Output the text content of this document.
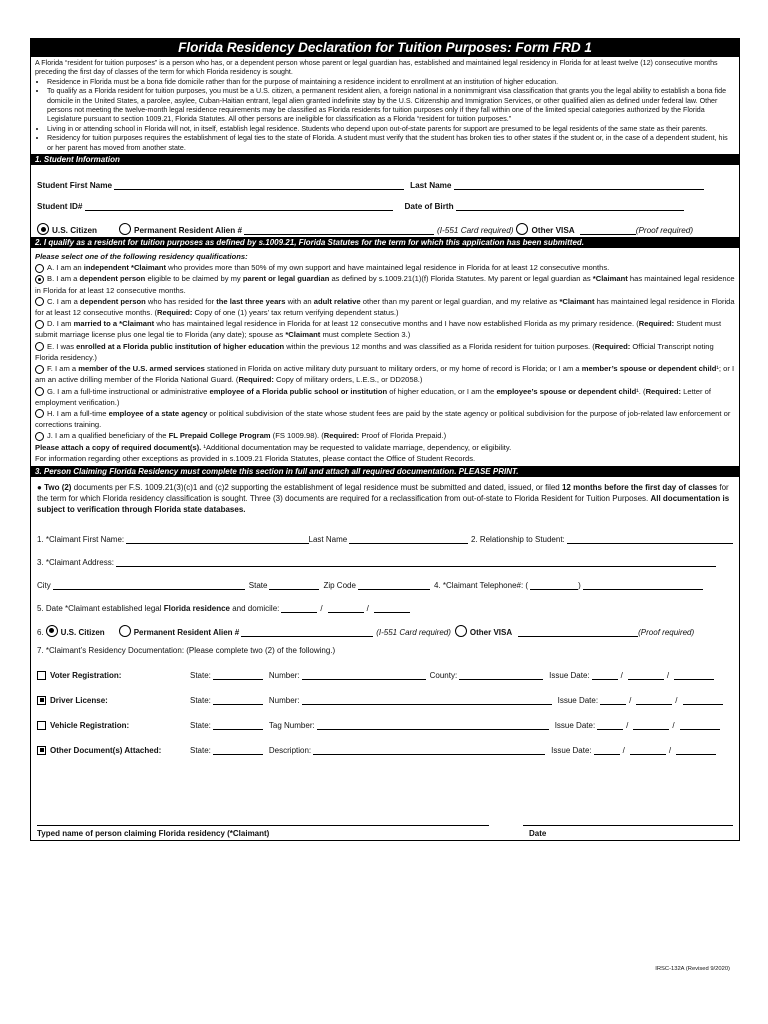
Florida Residency Declaration for Tuition Purposes: Form FRD 1
A Florida “resident for tuition purposes” is a person who has, or a dependent person whose parent or legal guardian has, established and maintained legal residency in Florida for at least twelve (12) consecutive months preceding the first day of classes of the term for which Florida residency is sought.
• Residence in Florida must be a bona fide domicile rather than for the purpose of maintaining a residence incident to enrollment at an institution of higher education.
• To qualify as a Florida resident for tuition purposes, you must be a U.S. citizen, a permanent resident alien, a foreign national in a nonimmigrant visa classification that grants you the legal ability to establish a bona fide domicile in the United States, a parolee, asylee, Cuban-Haitian entrant, legal alien granted indefinite stay by the U.S. Citizenship and Immigration Services, or other qualified alien as defined under federal law. Other persons not meeting the twelve-month legal residence requirements may be classified as Florida residents for tuition purposes only if they fall within one of the limited special categories authorized by the Florida Legislature pursuant to section 1009.21, Florida Statutes. All other persons are ineligible for classification as a Florida “resident for tuition purposes.”
• Living in or attending school in Florida will not, in itself, establish legal residence. Students who depend upon out-of-state parents for support are presumed to be legal residents of the same state as their parents.
• Residency for tuition purposes requires the establishment of legal ties to the state of Florida. A student must verify that the student has broken ties to other states if the student or, in the case of a dependent student, his or her parent has moved from another state.
1. Student Information
Student First Name	Last Name
Student ID#	Date of Birth
U.S. Citizen	Permanent Resident Alien #	(I-551 Card required) Other VISA	(Proof required)
2. I qualify as a resident for tuition purposes as defined by s.1009.21, Florida Statutes for the term for which this application has been submitted.
Please select one of the following residency qualifications:
A. I am an independent *Claimant who provides more than 50% of my own support and have maintained legal residence in Florida for at least 12 consecutive months.
B. I am a dependent person eligible to be claimed by my parent or legal guardian as defined by s.1009.21(1)(f) Florida Statutes. My parent or legal guardian as *Claimant has maintained legal residence in Florida for at least 12 consecutive months.
C. I am a dependent person who has resided for the last three years with an adult relative other than my parent or legal guardian, and my relative as *Claimant has maintained legal residence in Florida for at least 12 consecutive months. (Required: Copy of one (1) years’ tax return verifying dependent status.)
D. I am married to a *Claimant who has maintained legal residence in Florida for at least 12 consecutive months and I have now established Florida as my primary residence. (Required: Student must submit marriage license plus one legal tie to Florida (any date); spouse as *Claimant must complete Section 3.)
E. I was enrolled at a Florida public institution of higher education within the previous 12 months and was classified as a Florida resident for tuition purposes. (Required: Official Transcript noting Florida residency.)
F. I am a member of the U.S. armed services stationed in Florida on active military duty pursuant to military orders, or my home of record is Florida; or I am a member’s spouse or dependent child¹; or I am an active drilling member of the Florida National Guard. (Required: Copy of military orders, L.E.S., or DD2058.)
G. I am a full-time instructional or administrative employee of a Florida public school or institution of higher education, or I am the employee’s spouse or dependent child¹. (Required: Letter of employment verification.)
H. I am a full-time employee of a state agency or political subdivision of the state whose student fees are paid by the state agency or political subdivision for the purpose of job-related law enforcement or corrections training.
J. I am a qualified beneficiary of the FL Prepaid College Program (FS 1009.98). (Required: Proof of Florida Prepaid.)
Please attach a copy of required document(s). ¹Additional documentation may be requested to validate marriage, dependency, or eligibility.
For information regarding other exceptions as provided in s.1009.21 Florida Statutes, please contact the Office of Student Records.
3. Person Claiming Florida Residency must complete this section in full and attach all required documentation. PLEASE PRINT.
● Two (2) documents per F.S. 1009.21(3)(c)1 and (c)2 supporting the establishment of legal residence must be submitted and dated, issued, or filed 12 months before the first day of classes for the term for which Florida residency classification is sought. Three (3) documents are required for a reclassification from out-of-state to Florida Resident for Tuition Purposes. All documentation is subject to verification through Florida state databases.
1. *Claimant First Name:	Last Name	2. Relationship to Student:
3. *Claimant Address:
City	State	Zip Code	4. *Claimant Telephone#: (	)
5. Date *Claimant established legal Florida residence and domicile:	/	/
6. U.S. Citizen	Permanent Resident Alien #	(I-551 Card required) Other VISA	(Proof required)
7. *Claimant’s Residency Documentation: (Please complete two (2) of the following.)
Voter Registration:	State:	Number:	County:	Issue Date:	/	/
Driver License:	State:	Number:	Issue Date:	/	/
Vehicle Registration:	State:	Tag Number:	Issue Date:	/	/
Other Document(s) Attached:	State:	Description:	Issue Date:	/	/
Typed name of person claiming Florida residency (*Claimant)	Date
IRSC-132A (Revised 9/2020)
